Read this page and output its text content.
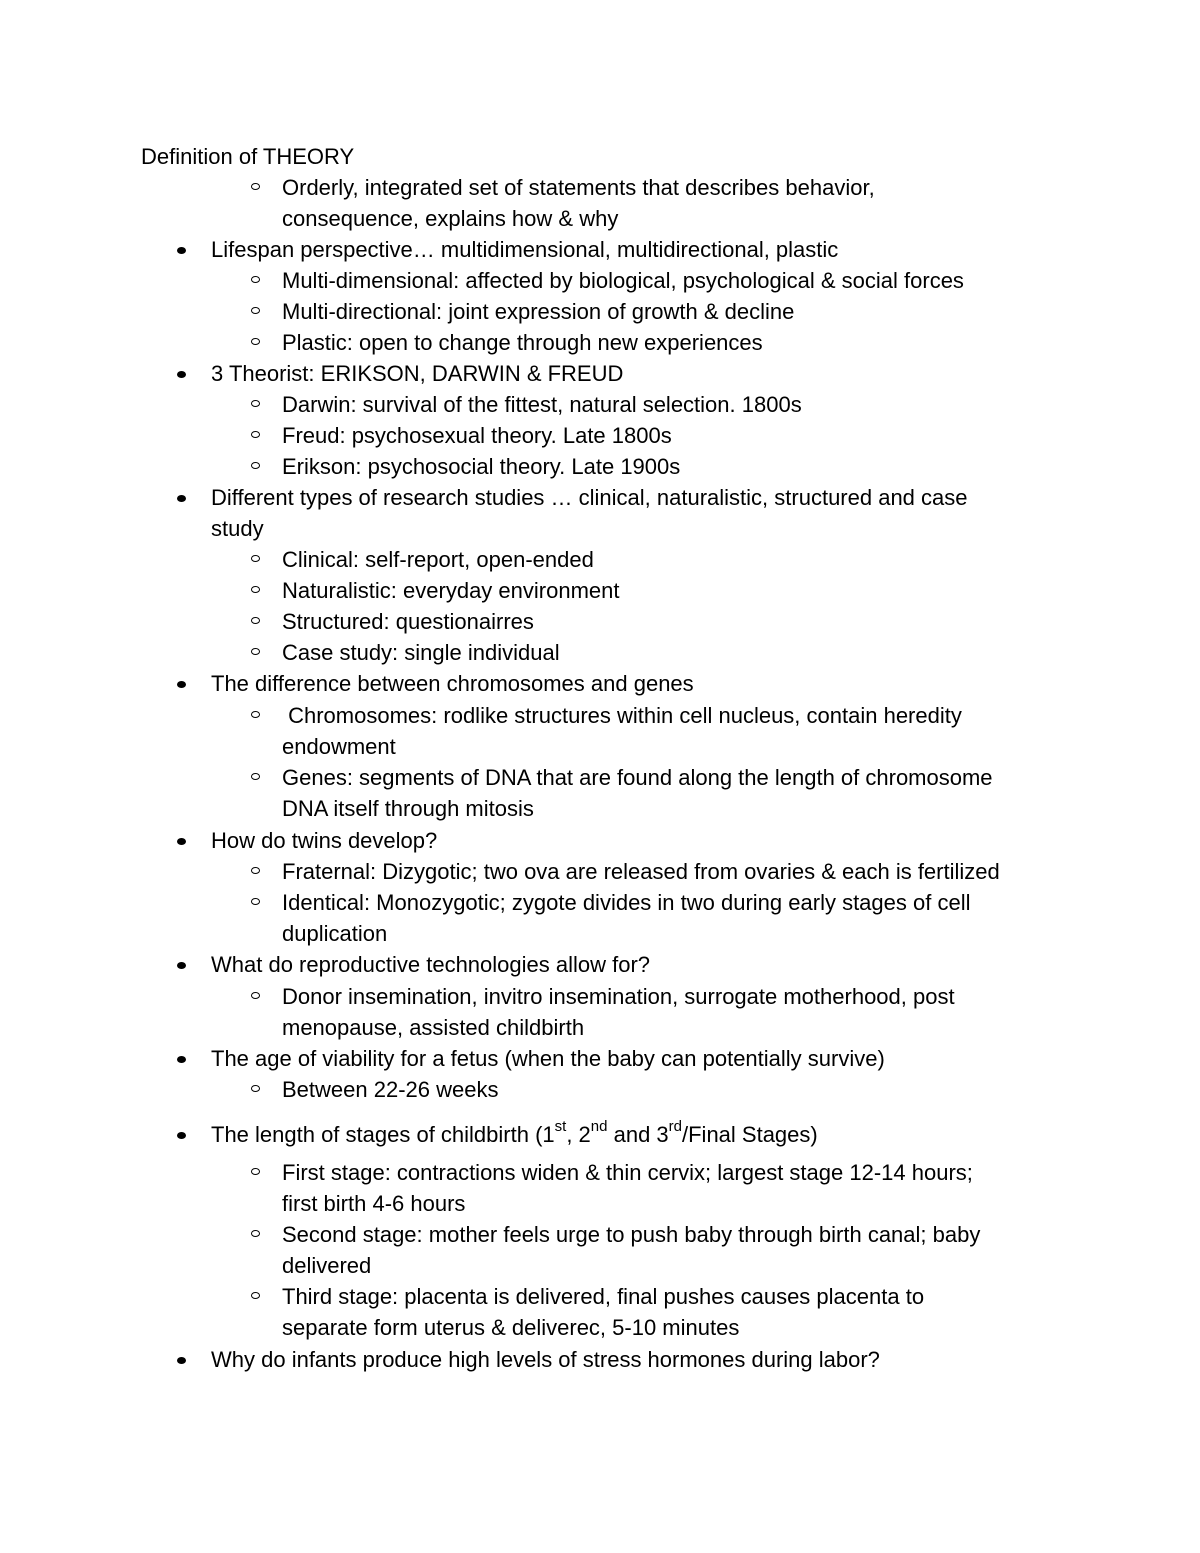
Definition of THEORY
Orderly, integrated set of statements that describes behavior,
consequence, explains how & why
Lifespan perspective… multidimensional, multidirectional, plastic
Multi-dimensional: affected by biological, psychological & social forces
Multi-directional: joint expression of growth & decline
Plastic: open to change through new experiences
3 Theorist: ERIKSON, DARWIN & FREUD
Darwin: survival of the fittest, natural selection. 1800s
Freud: psychosexual theory. Late 1800s
Erikson: psychosocial theory. Late 1900s
Different types of research studies … clinical, naturalistic, structured and case
study
Clinical: self-report, open-ended
Naturalistic: everyday environment
Structured: questionairres
Case study: single individual
The difference between chromosomes and genes
Chromosomes: rodlike structures within cell nucleus, contain heredity
endowment
Genes: segments of DNA that are found along the length of chromosome
DNA itself through mitosis
How do twins develop?
Fraternal: Dizygotic; two ova are released from ovaries & each is fertilized
Identical: Monozygotic; zygote divides in two during early stages of cell
duplication
What do reproductive technologies allow for?
Donor insemination, invitro insemination, surrogate motherhood, post
menopause, assisted childbirth
The age of viability for a fetus (when the baby can potentially survive)
Between 22-26 weeks
The length of stages of childbirth (1st, 2nd and 3rd/Final Stages)
First stage: contractions widen & thin cervix; largest stage 12-14 hours;
first birth 4-6 hours
Second stage: mother feels urge to push baby through birth canal; baby
delivered
Third stage: placenta is delivered, final pushes causes placenta to
separate form uterus & deliverec, 5-10 minutes
Why do infants produce high levels of stress hormones during labor?
